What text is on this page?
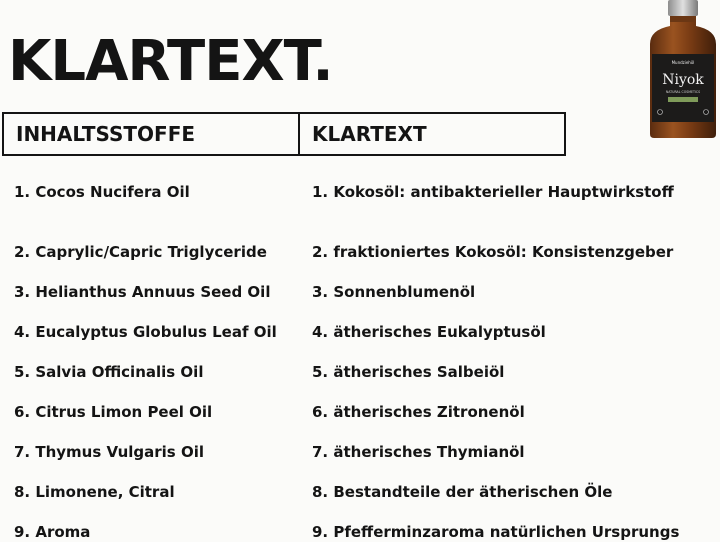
KLARTEXT.	Mundziehöl
Niyok
NATURAL COSMETICS
INHALTSSTOFFE	KLARTEXT
1. Cocos Nucifera Oil	1. Kokosöl: antibakterieller Hauptwirkstoff
2. Caprylic/Capric Triglyceride	2. fraktioniertes Kokosöl: Konsistenzgeber
3. Helianthus Annuus Seed Oil	3. Sonnenblumenöl
4. Eucalyptus Globulus Leaf Oil 4. ätherisches Eukalyptusöl
5. Salvia Officinalis Oil	5. ätherisches Salbeiöl
6. Citrus Limon Peel Oil	6. ätherisches Zitronenöl
7. Thymus Vulgaris Oil	7. ätherisches Thymianöl
8. Limonene, Citral	8. Bestandteile der ätherischen Öle
9. Aroma	9. Pfefferminzaroma natürlichen Ursprungs
